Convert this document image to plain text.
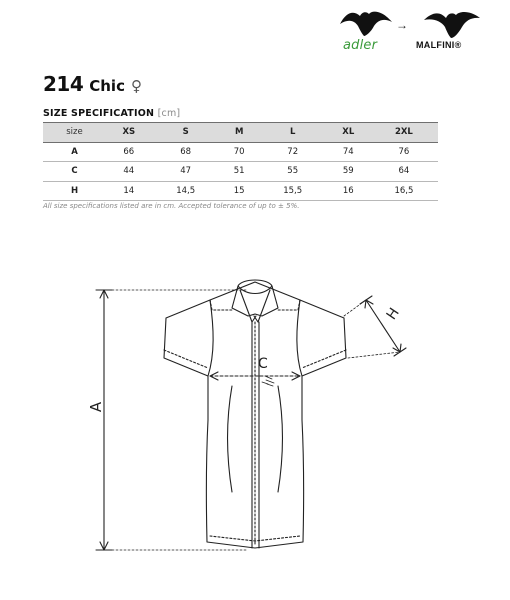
adler
→
MALFINI®
214 Chic ♀
SIZE SPECIFICATION [cm]
size	XS	S	M	L	XL	2XL
A	66	68	70	72	74	76
C	44	47	51	55	59	64
H	14	14,5	15	15,5	16	16,5
All size specifications listed are in cm. Accepted tolerance of up to ± 5%.
A
C
H
